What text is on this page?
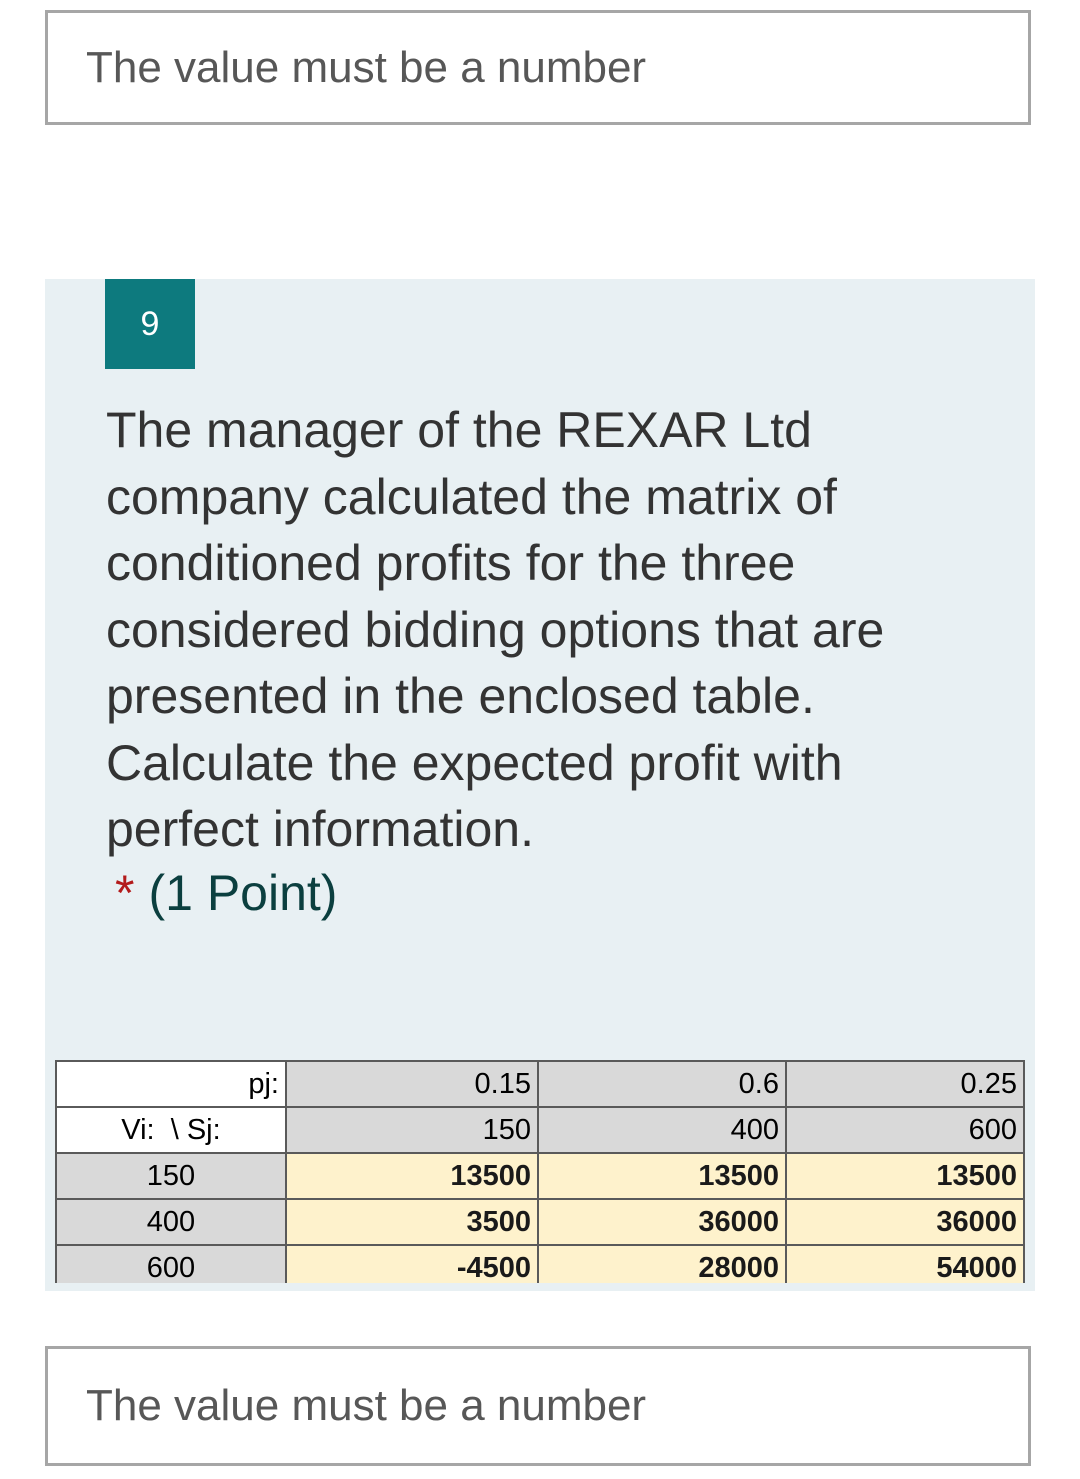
The value must be a number
9
The manager of the REXAR Ltd company calculated the matrix of conditioned profits for the three considered bidding options that are presented in the enclosed table. Calculate the expected profit with perfect information.
* (1 Point)
pj:	0.15	0.6	0.25
Vi:  \ Sj:	150	400	600
150	13500	13500	13500
400	3500	36000	36000
600	-4500	28000	54000
The value must be a number
